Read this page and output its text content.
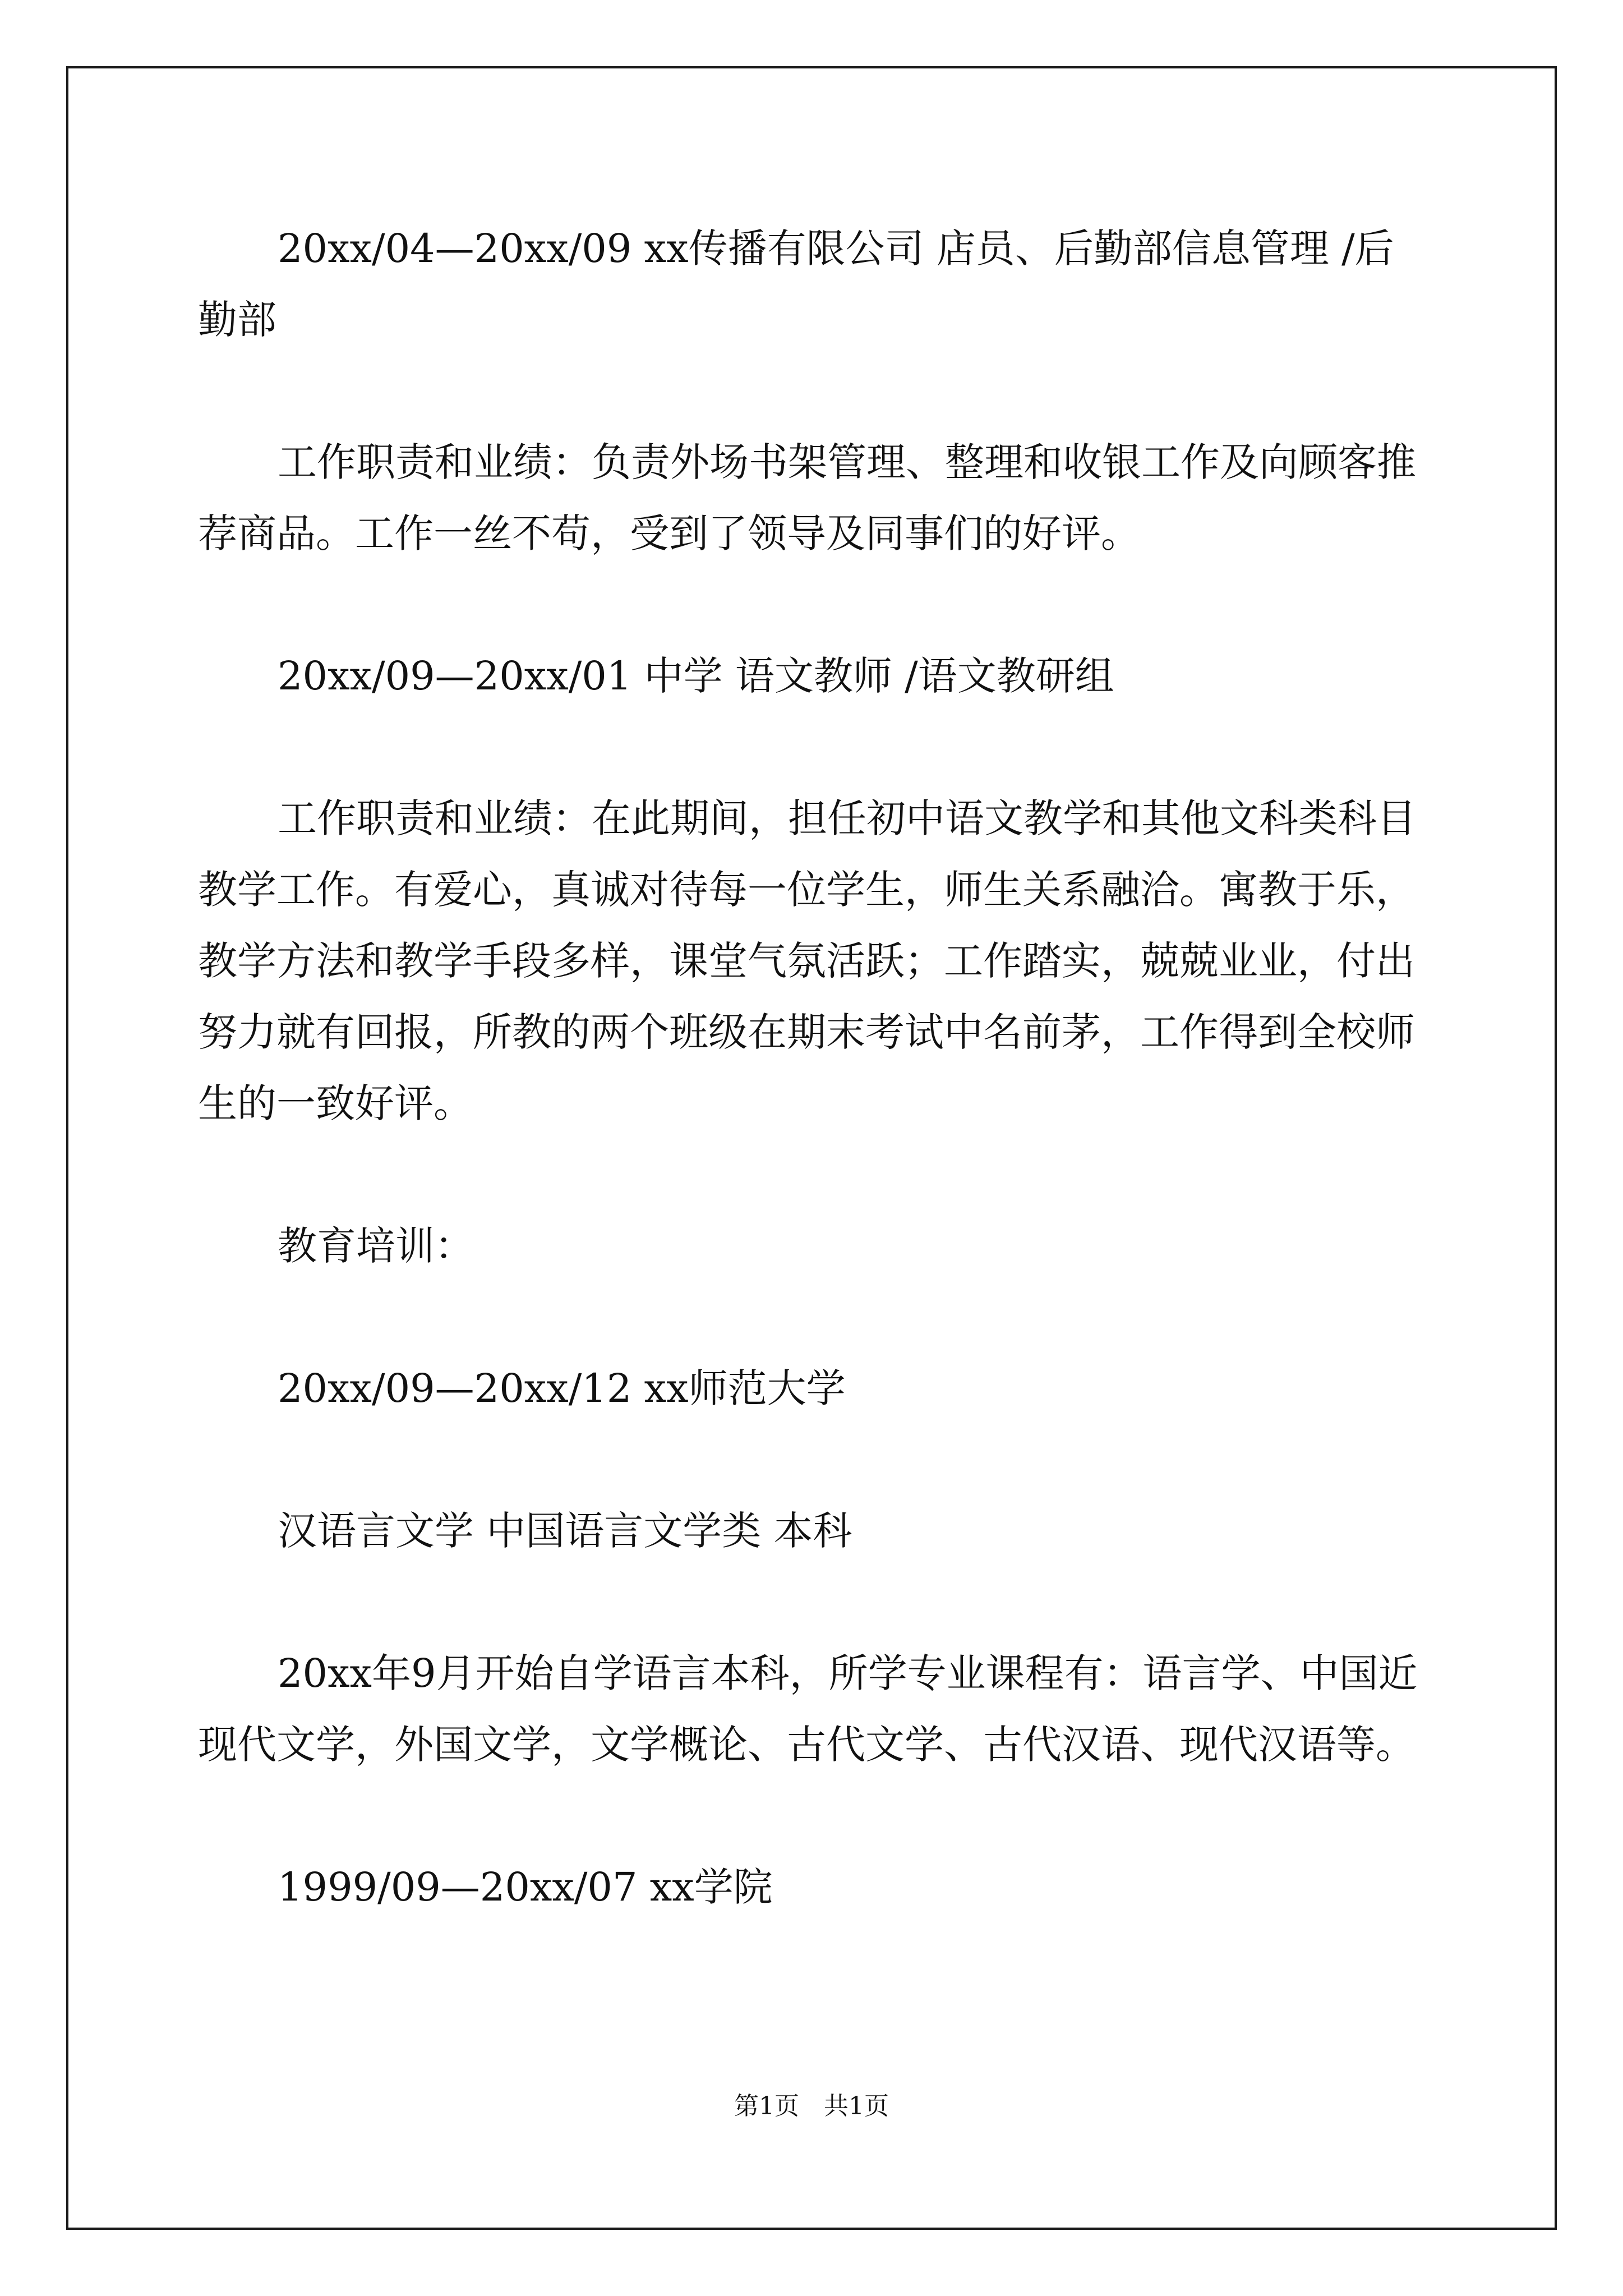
20xx/04—20xx/09 xx传播有限公司 店员、后勤部信息管理 /后勤部

工作职责和业绩：负责外场书架管理、整理和收银工作及向顾客推荐商品。工作一丝不苟，受到了领导及同事们的好评。

20xx/09—20xx/01 中学 语文教师 /语文教研组

工作职责和业绩：在此期间，担任初中语文教学和其他文科类科目教学工作。有爱心，真诚对待每一位学生，师生关系融洽。寓教于乐，教学方法和教学手段多样，课堂气氛活跃；工作踏实，兢兢业业，付出努力就有回报，所教的两个班级在期末考试中名前茅，工作得到全校师生的一致好评。

教育培训：

20xx/09—20xx/12 xx师范大学

汉语言文学 中国语言文学类 本科

20xx年9月开始自学语言本科，所学专业课程有：语言学、中国近现代文学，外国文学，文学概论、古代文学、古代汉语、现代汉语等。

1999/09—20xx/07 xx学院

第1页　共1页
